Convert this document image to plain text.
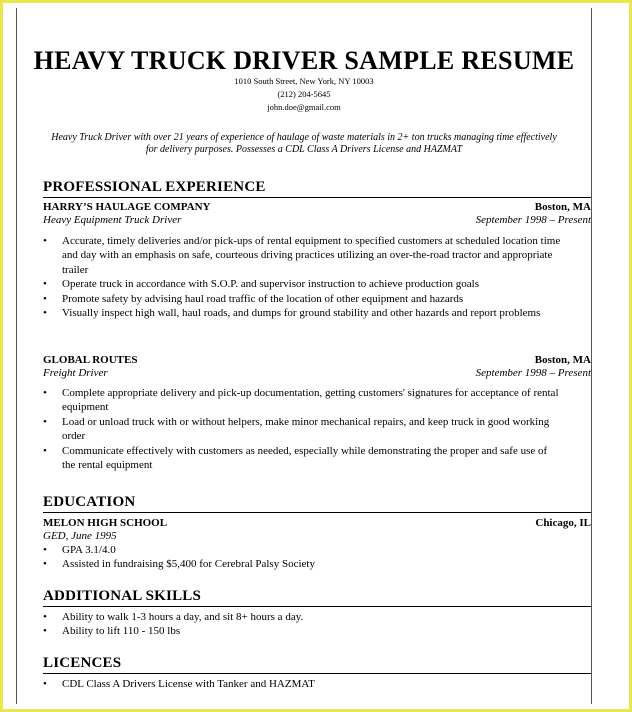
HEAVY TRUCK DRIVER SAMPLE RESUME
1010 South Street, New York, NY 10003
(212) 204-5645
john.doe@gmail.com
Heavy Truck Driver with over 21 years of experience of haulage of waste materials in 2+ ton trucks managing time effectively for delivery purposes. Possesses a CDL Class A Drivers License and HAZMAT
PROFESSIONAL EXPERIENCE
HARRY’S HAULAGE COMPANY	Boston, MA
Heavy Equipment Truck Driver	September 1998 – Present
• Accurate, timely deliveries and/or pick-ups of rental equipment to specified customers at scheduled location time and day with an emphasis on safe, courteous driving practices utilizing an over-the-road tractor and appropriate trailer
• Operate truck in accordance with S.O.P. and supervisor instruction to achieve production goals
• Promote safety by advising haul road traffic of the location of other equipment and hazards
• Visually inspect high wall, haul roads, and dumps for ground stability and other hazards and report problems
GLOBAL ROUTES	Boston, MA
Freight Driver	September 1998 – Present
• Complete appropriate delivery and pick-up documentation, getting customers' signatures for acceptance of rental equipment
• Load or unload truck with or without helpers, make minor mechanical repairs, and keep truck in good working order
• Communicate effectively with customers as needed, especially while demonstrating the proper and safe use of the rental equipment
EDUCATION
MELON HIGH SCHOOL	Chicago, IL
GED, June 1995
• GPA 3.1/4.0
• Assisted in fundraising $5,400 for Cerebral Palsy Society
ADDITIONAL SKILLS
• Ability to walk 1-3 hours a day, and sit 8+ hours a day.
• Ability to lift 110 - 150 lbs
LICENCES
• CDL Class A Drivers License with Tanker and HAZMAT
